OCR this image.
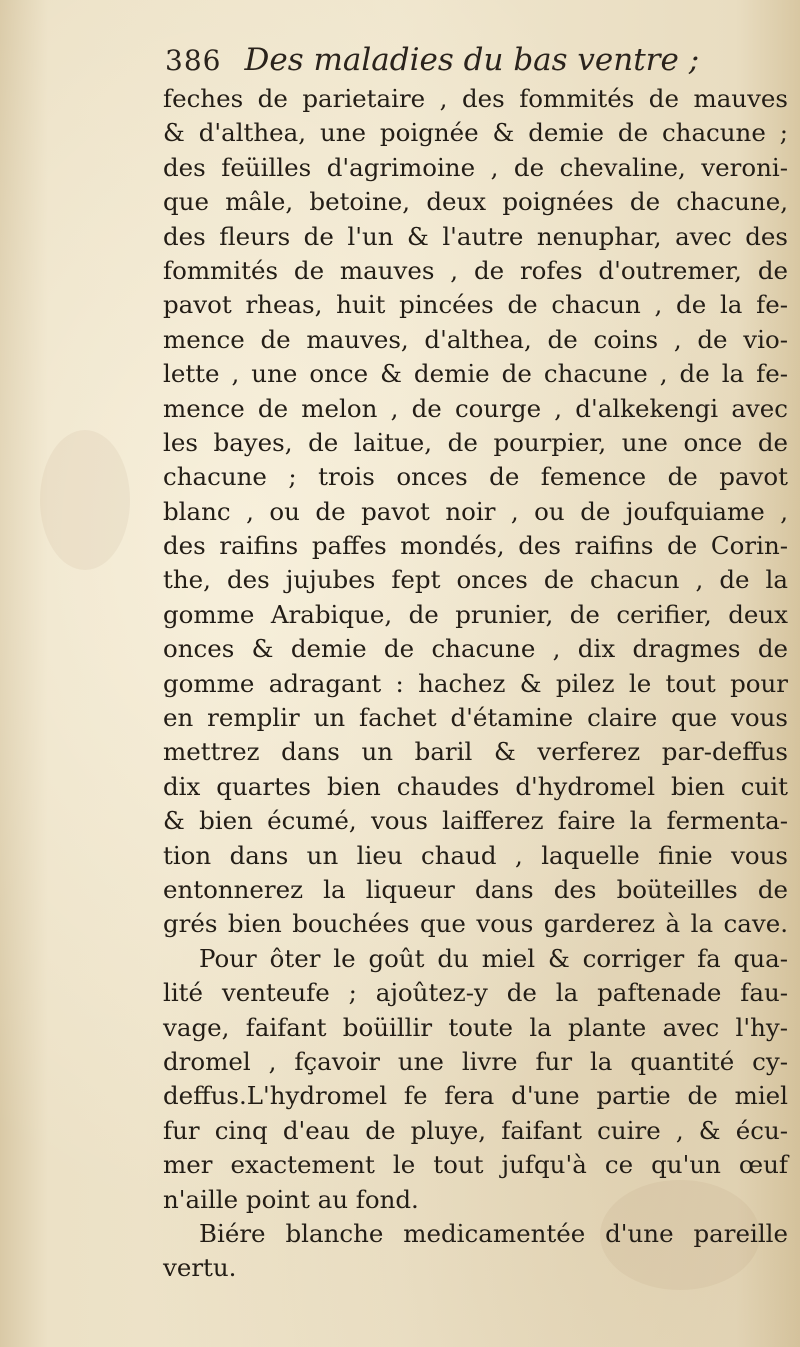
386 Des maladies du bas ventre ;
feches de parietaire , des fommités de mauves
& d'althea, une poignée & demie de chacune ;
des feüilles d'agrimoine , de chevaline, veroni-
que mâle, betoine, deux poignées de chacune,
des fleurs de l'un & l'autre nenuphar, avec des
fommités de mauves , de rofes d'outremer, de
pavot rheas, huit pincées de chacun , de la fe-
mence de mauves, d'althea, de coins , de vio-
lette , une once & demie de chacune , de la fe-
mence de melon , de courge , d'alkekengi avec
les bayes, de laitue, de pourpier, une once de
chacune ; trois onces de femence de pavot
blanc , ou de pavot noir , ou de joufquiame ,
des raifins paffes mondés, des raifins de Corin-
the, des jujubes fept onces de chacun , de la
gomme Arabique, de prunier, de cerifier, deux
onces & demie de chacune , dix dragmes de
gomme adragant : hachez & pilez le tout pour
en remplir un fachet d'étamine claire que vous
mettrez dans un baril & verferez par-deffus
dix quartes bien chaudes d'hydromel bien cuit
& bien écumé, vous laifferez faire la fermenta-
tion dans un lieu chaud , laquelle finie vous
entonnerez la liqueur dans des boüteilles de
grés bien bouchées que vous garderez à la cave.
Pour ôter le goût du miel & corriger fa qua-
lité venteufe ; ajoûtez-y de la paftenade fau-
vage, faifant boüillir toute la plante avec l'hy-
dromel , fçavoir une livre fur la quantité cy-
deffus.L'hydromel fe fera d'une partie de miel
fur cinq d'eau de pluye, faifant cuire , & écu-
mer exactement le tout jufqu'à ce qu'un œuf
n'aille point au fond.
Biére blanche medicamentée d'une pareille
vertu.
